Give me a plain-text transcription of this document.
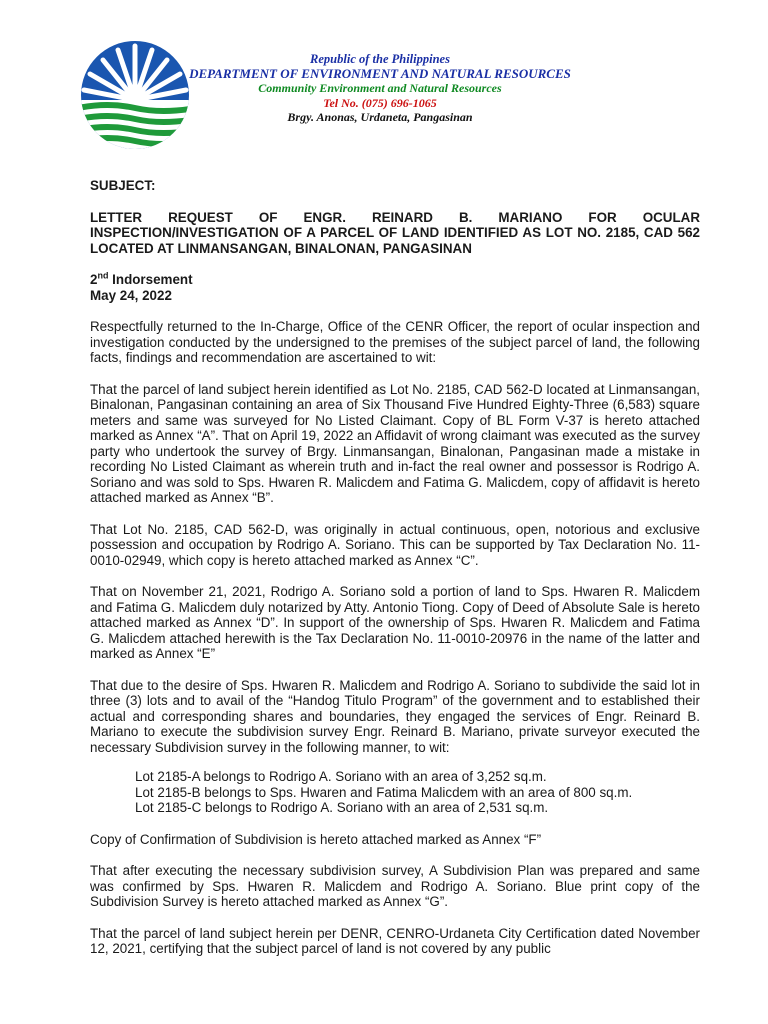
Republic of the Philippines
DEPARTMENT OF ENVIRONMENT AND NATURAL RESOURCES
Community Environment and Natural Resources
Tel No. (075) 696-1065
Brgy. Anonas, Urdaneta, Pangasinan
SUBJECT:
LETTER REQUEST OF ENGR. REINARD B. MARIANO FOR OCULAR INSPECTION/INVESTIGATION OF A PARCEL OF LAND IDENTIFIED AS LOT NO. 2185, CAD 562 LOCATED AT LINMANSANGAN, BINALONAN, PANGASINAN
2nd Indorsement
May 24, 2022

Respectfully returned to the In-Charge, Office of the CENR Officer, the report of ocular inspection and investigation conducted by the undersigned to the premises of the subject parcel of land, the following facts, findings and recommendation are ascertained to wit:

That the parcel of land subject herein identified as Lot No. 2185, CAD 562-D located at Linmansangan, Binalonan, Pangasinan containing an area of Six Thousand Five Hundred Eighty-Three (6,583) square meters and same was surveyed for No Listed Claimant. Copy of BL Form V-37 is hereto attached marked as Annex “A”. That on April 19, 2022 an Affidavit of wrong claimant was executed as the survey party who undertook the survey of Brgy. Linmansangan, Binalonan, Pangasinan made a mistake in recording No Listed Claimant as wherein truth and in-fact the real owner and possessor is Rodrigo A. Soriano and was sold to Sps. Hwaren R. Malicdem and Fatima G. Malicdem, copy of affidavit is hereto attached marked as Annex “B”.

That Lot No. 2185, CAD 562-D, was originally in actual continuous, open, notorious and exclusive possession and occupation by Rodrigo A. Soriano. This can be supported by Tax Declaration No. 11-0010-02949, which copy is hereto attached marked as Annex “C”.

That on November 21, 2021, Rodrigo A. Soriano sold a portion of land to Sps. Hwaren R. Malicdem and Fatima G. Malicdem duly notarized by Atty. Antonio Tiong. Copy of Deed of Absolute Sale is hereto attached marked as Annex “D”. In support of the ownership of Sps. Hwaren R. Malicdem and Fatima G. Malicdem attached herewith is the Tax Declaration No. 11-0010-20976 in the name of the latter and marked as Annex “E”

That due to the desire of Sps. Hwaren R. Malicdem and Rodrigo A. Soriano to subdivide the said lot in three (3) lots and to avail of the “Handog Titulo Program” of the government and to established their actual and corresponding shares and boundaries, they engaged the services of Engr. Reinard B. Mariano to execute the subdivision survey Engr. Reinard B. Mariano, private surveyor executed the necessary Subdivision survey in the following manner, to wit:

Lot 2185-A belongs to Rodrigo A. Soriano with an area of 3,252 sq.m.
Lot 2185-B belongs to Sps. Hwaren and Fatima Malicdem with an area of 800 sq.m.
Lot 2185-C belongs to Rodrigo A. Soriano with an area of 2,531 sq.m.

Copy of Confirmation of Subdivision is hereto attached marked as Annex “F”

That after executing the necessary subdivision survey, A Subdivision Plan was prepared and same was confirmed by Sps. Hwaren R. Malicdem and Rodrigo A. Soriano. Blue print copy of the Subdivision Survey is hereto attached marked as Annex “G”.

That the parcel of land subject herein per DENR, CENRO-Urdaneta City Certification dated November 12, 2021, certifying that the subject parcel of land is not covered by any public
